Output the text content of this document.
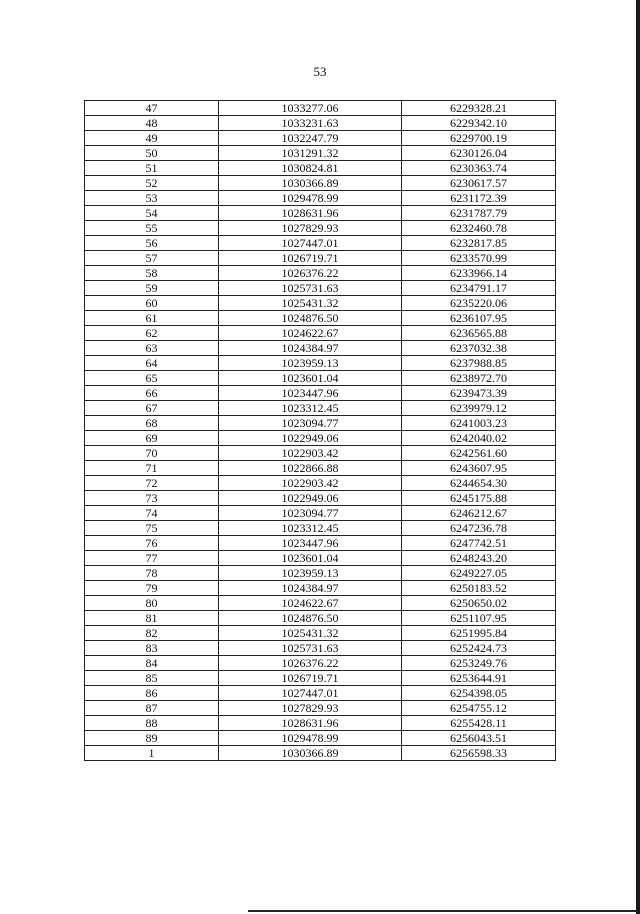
53
47	1033277.06	6229328.21
48	1033231.63	6229342.10
49	1032247.79	6229700.19
50	1031291.32	6230126.04
51	1030824.81	6230363.74
52	1030366.89	6230617.57
53	1029478.99	6231172.39
54	1028631.96	6231787.79
55	1027829.93	6232460.78
56	1027447.01	6232817.85
57	1026719.71	6233570.99
58	1026376.22	6233966.14
59	1025731.63	6234791.17
60	1025431.32	6235220.06
61	1024876.50	6236107.95
62	1024622.67	6236565.88
63	1024384.97	6237032.38
64	1023959.13	6237988.85
65	1023601.04	6238972.70
66	1023447.96	6239473.39
67	1023312.45	6239979.12
68	1023094.77	6241003.23
69	1022949.06	6242040.02
70	1022903.42	6242561.60
71	1022866.88	6243607.95
72	1022903.42	6244654.30
73	1022949.06	6245175.88
74	1023094.77	6246212.67
75	1023312.45	6247236.78
76	1023447.96	6247742.51
77	1023601.04	6248243.20
78	1023959.13	6249227.05
79	1024384.97	6250183.52
80	1024622.67	6250650.02
81	1024876.50	6251107.95
82	1025431.32	6251995.84
83	1025731.63	6252424.73
84	1026376.22	6253249.76
85	1026719.71	6253644.91
86	1027447.01	6254398.05
87	1027829.93	6254755.12
88	1028631.96	6255428.11
89	1029478.99	6256043.51
1	1030366.89	6256598.33
